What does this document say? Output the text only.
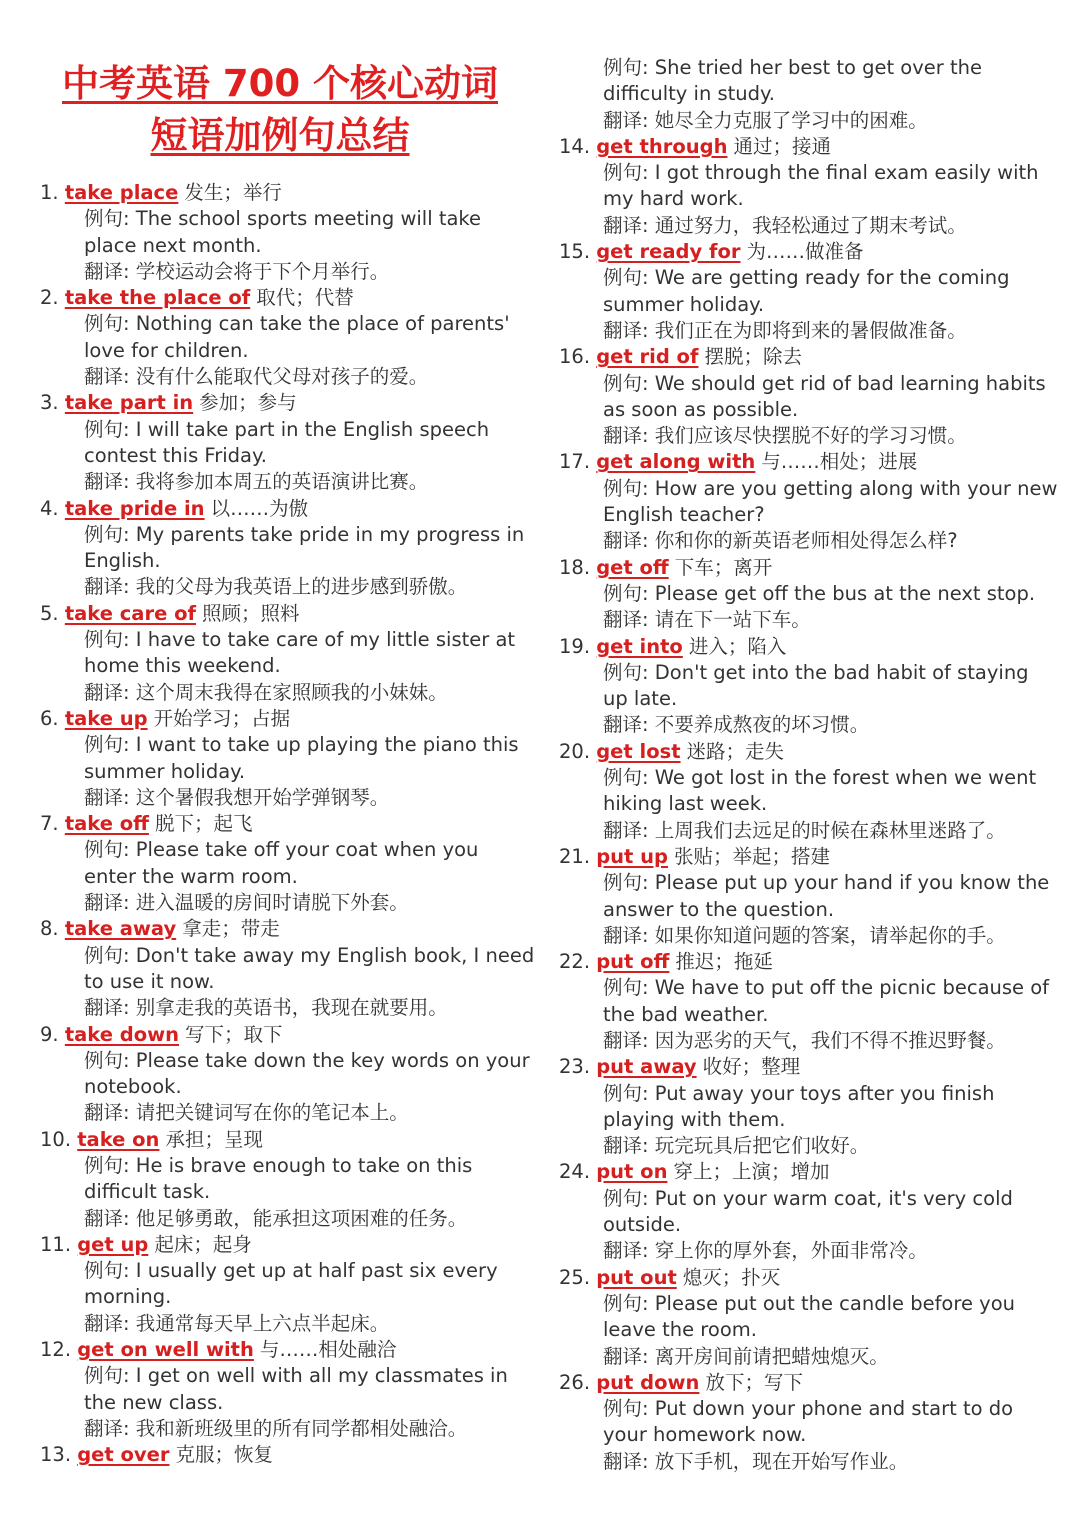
中考英语 700 个核心动词
短语加例句总结
1. take place 发生；举行
例句: The school sports meeting will take place next month.
翻译: 学校运动会将于下个月举行。
2. take the place of 取代；代替
例句: Nothing can take the place of parents' love for children.
翻译: 没有什么能取代父母对孩子的爱。
3. take part in 参加；参与
例句: I will take part in the English speech contest this Friday.
翻译: 我将参加本周五的英语演讲比赛。
4. take pride in 以……为傲
例句: My parents take pride in my progress in English.
翻译: 我的父母为我英语上的进步感到骄傲。
5. take care of 照顾；照料
例句: I have to take care of my little sister at home this weekend.
翻译: 这个周末我得在家照顾我的小妹妹。
6. take up 开始学习；占据
例句: I want to take up playing the piano this summer holiday.
翻译: 这个暑假我想开始学弹钢琴。
7. take off 脱下；起飞
例句: Please take off your coat when you enter the warm room.
翻译: 进入温暖的房间时请脱下外套。
8. take away 拿走；带走
例句: Don't take away my English book, I need to use it now.
翻译: 别拿走我的英语书，我现在就要用。
9. take down 写下；取下
例句: Please take down the key words on your notebook.
翻译: 请把关键词写在你的笔记本上。
10. take on 承担；呈现
例句: He is brave enough to take on this difficult task.
翻译: 他足够勇敢，能承担这项困难的任务。
11. get up 起床；起身
例句: I usually get up at half past six every morning.
翻译: 我通常每天早上六点半起床。
12. get on well with 与……相处融洽
例句: I get on well with all my classmates in the new class.
翻译: 我和新班级里的所有同学都相处融洽。
13. get over 克服；恢复
例句: She tried her best to get over the difficulty in study.
翻译: 她尽全力克服了学习中的困难。
14. get through 通过；接通
例句: I got through the final exam easily with my hard work.
翻译: 通过努力，我轻松通过了期末考试。
15. get ready for 为……做准备
例句: We are getting ready for the coming summer holiday.
翻译: 我们正在为即将到来的暑假做准备。
16. get rid of 摆脱；除去
例句: We should get rid of bad learning habits as soon as possible.
翻译: 我们应该尽快摆脱不好的学习习惯。
17. get along with 与……相处；进展
例句: How are you getting along with your new English teacher?
翻译: 你和你的新英语老师相处得怎么样?
18. get off 下车；离开
例句: Please get off the bus at the next stop.
翻译: 请在下一站下车。
19. get into 进入；陷入
例句: Don't get into the bad habit of staying up late.
翻译: 不要养成熬夜的坏习惯。
20. get lost 迷路；走失
例句: We got lost in the forest when we went hiking last week.
翻译: 上周我们去远足的时候在森林里迷路了。
21. put up 张贴；举起；搭建
例句: Please put up your hand if you know the answer to the question.
翻译: 如果你知道问题的答案，请举起你的手。
22. put off 推迟；拖延
例句: We have to put off the picnic because of the bad weather.
翻译: 因为恶劣的天气，我们不得不推迟野餐。
23. put away 收好；整理
例句: Put away your toys after you finish playing with them.
翻译: 玩完玩具后把它们收好。
24. put on 穿上；上演；增加
例句: Put on your warm coat, it's very cold outside.
翻译: 穿上你的厚外套，外面非常冷。
25. put out 熄灭；扑灭
例句: Please put out the candle before you leave the room.
翻译: 离开房间前请把蜡烛熄灭。
26. put down 放下；写下
例句: Put down your phone and start to do your homework now.
翻译: 放下手机，现在开始写作业。
